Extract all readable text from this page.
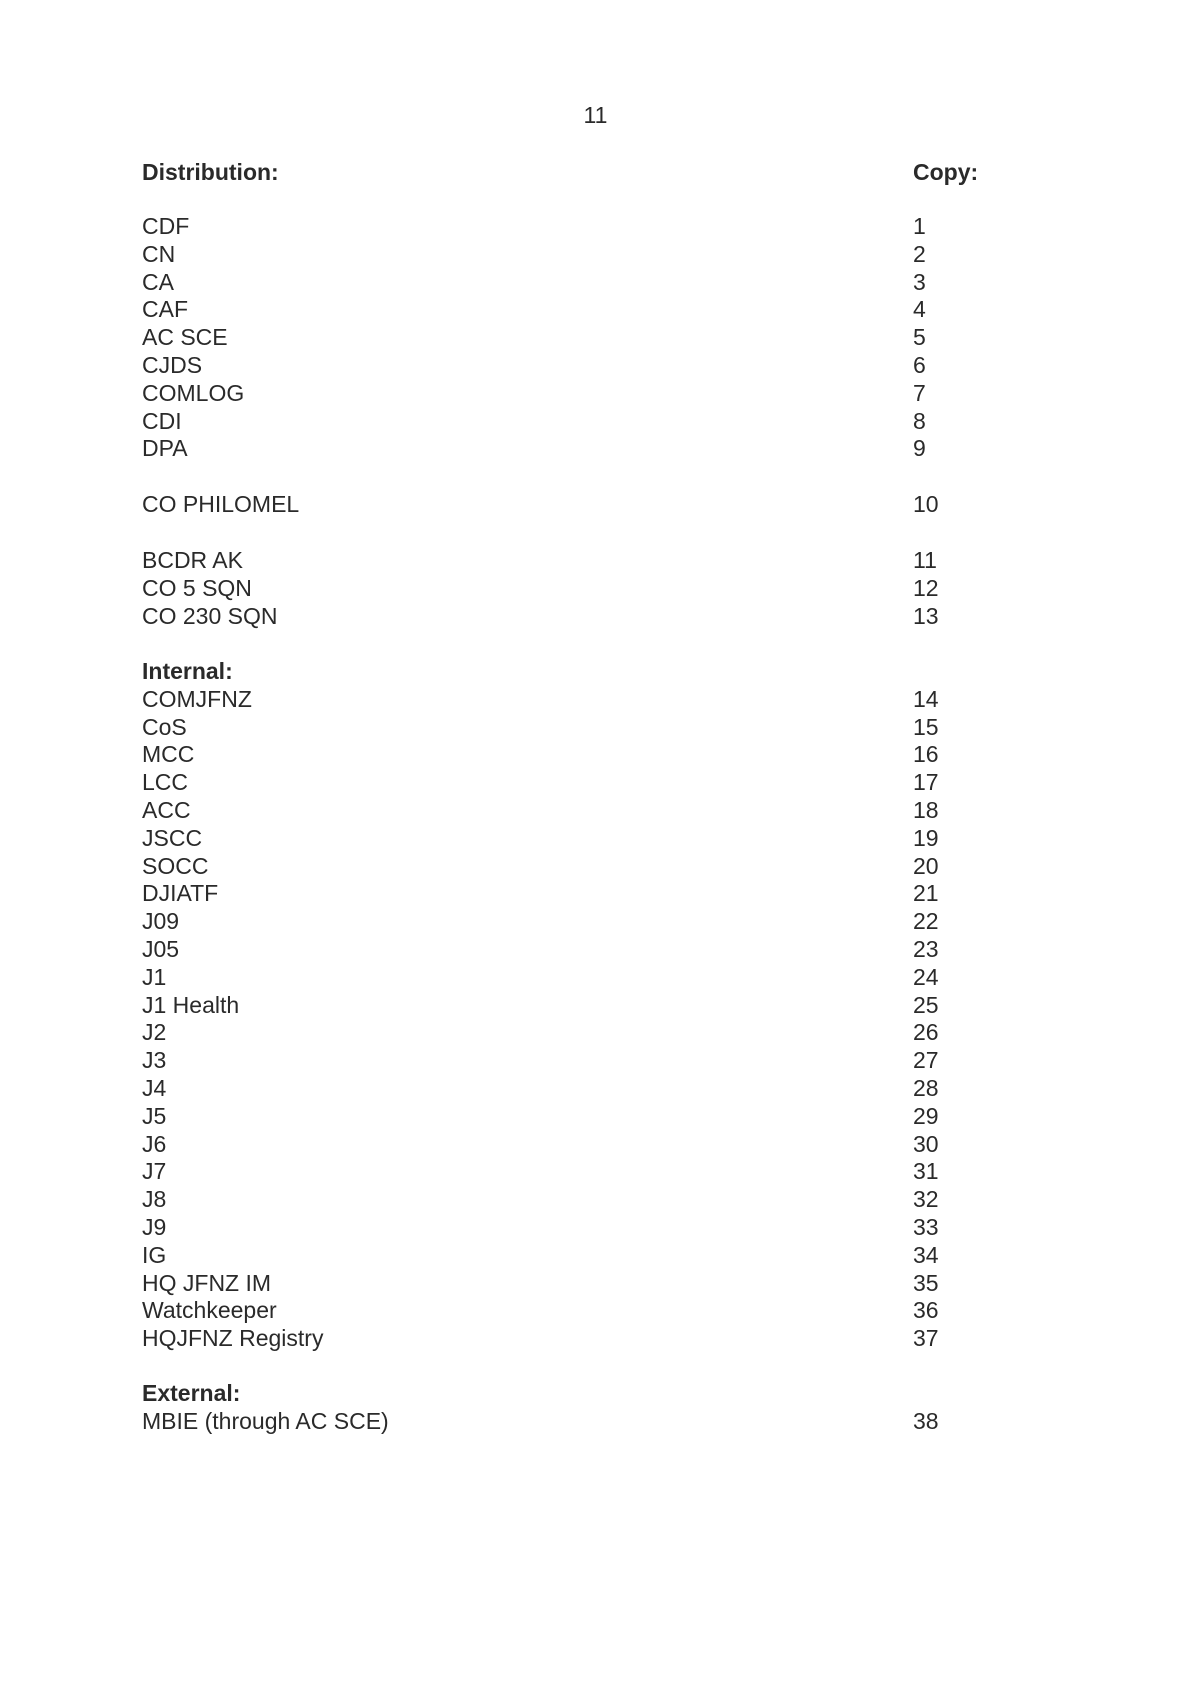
11
Distribution:	Copy:
CDF	1
CN	2
CA	3
CAF	4
AC SCE	5
CJDS	6
COMLOG	7
CDI	8
DPA	9
CO PHILOMEL	10
BCDR AK	11
CO 5 SQN	12
CO 230 SQN	13
Internal:
COMJFNZ	14
CoS	15
MCC	16
LCC	17
ACC	18
JSCC	19
SOCC	20
DJIATF	21
J09	22
J05	23
J1	24
J1 Health	25
J2	26
J3	27
J4	28
J5	29
J6	30
J7	31
J8	32
J9	33
IG	34
HQ JFNZ IM	35
Watchkeeper	36
HQJFNZ Registry	37
External:
MBIE (through AC SCE)	38
